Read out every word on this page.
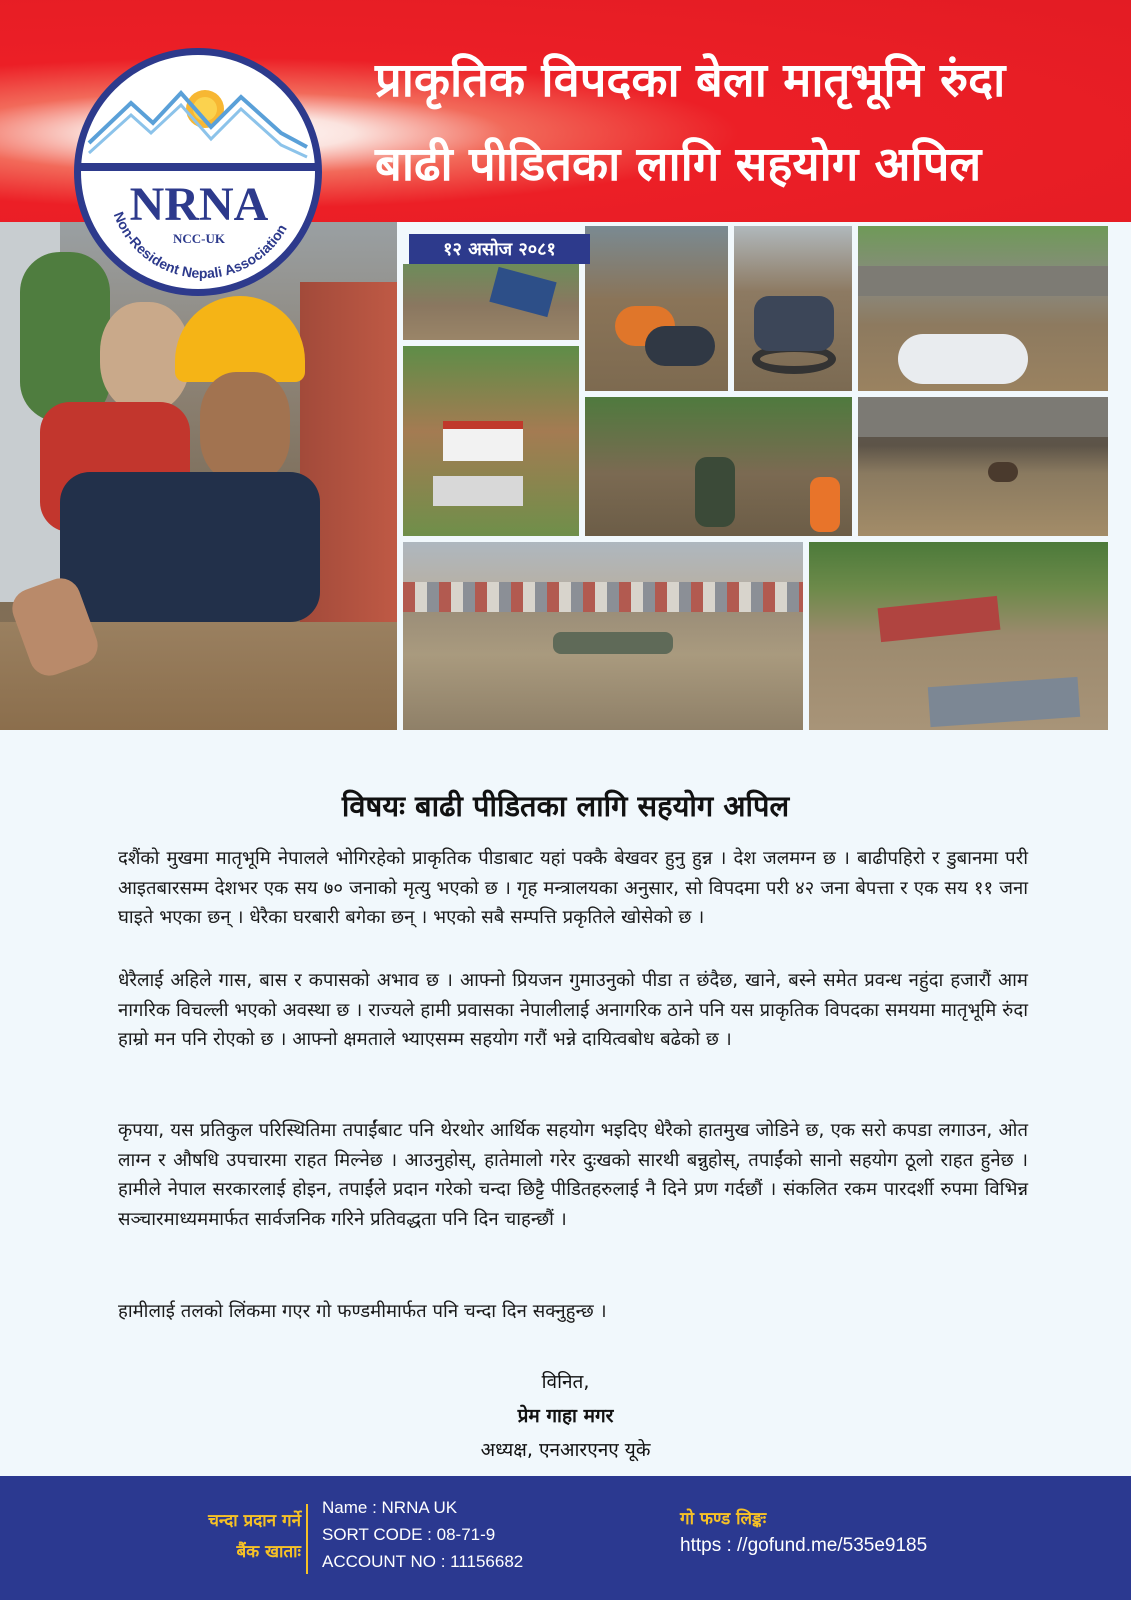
प्राकृतिक विपदका बेला मातृभूमि रुंदा
बाढी पीडितका लागि सहयोग अपिल
NRNA
NCC-UK
Non-Resident Nepali Association
१२ असोज २०८१
विषयः बाढी पीडितका लागि सहयोग अपिल

दशैंको मुखमा मातृभूमि नेपालले भोगिरहेको प्राकृतिक पीडाबाट यहां पक्कै बेखवर हुनु हुन्न । देश जलमग्न छ । बाढीपहिरो र डुबानमा परी आइतबारसम्म देशभर एक सय ७० जनाको मृत्यु भएको छ । गृह मन्त्रालयका अनुसार, सो विपदमा परी ४२ जना बेपत्ता र एक सय ११ जना घाइते भएका छन् । धेरैका घरबारी बगेका छन् । भएको सबै सम्पत्ति प्रकृतिले खोसेको छ ।

धेरैलाई अहिले गास, बास र कपासको अभाव छ । आफ्नो प्रियजन गुमाउनुको पीडा त छंदैछ, खाने, बस्ने समेत प्रवन्ध नहुंदा हजारौं आम नागरिक विचल्ली भएको अवस्था छ । राज्यले हामी प्रवासका नेपालीलाई अनागरिक ठाने पनि यस प्राकृतिक विपदका समयमा मातृभूमि रुंदा हाम्रो मन पनि रोएको छ । आफ्नो क्षमताले भ्याएसम्म सहयोग गरौं भन्ने दायित्वबोध बढेको छ ।

कृपया, यस प्रतिकुल परिस्थितिमा तपाईंबाट पनि थेरथोर आर्थिक सहयोग भइदिए धेरैको हातमुख जोडिने छ, एक सरो कपडा लगाउन, ओत लाग्न र औषधि उपचारमा राहत मिल्नेछ । आउनुहोस्, हातेमालो गरेर दुःखको सारथी बन्नुहोस्, तपाईंको सानो सहयोग ठूलो राहत हुनेछ । हामीले नेपाल सरकारलाई होइन, तपाईंले प्रदान गरेको चन्दा छिट्टै पीडितहरुलाई नै दिने प्रण गर्दछौं । संकलित रकम पारदर्शी रुपमा विभिन्न सञ्चारमाध्यममार्फत सार्वजनिक गरिने प्रतिवद्धता पनि दिन चाहन्छौं ।

हामीलाई तलको लिंकमा गएर गो फण्डमीमार्फत पनि चन्दा दिन सक्नुहुन्छ ।

विनित,
प्रेम गाहा मगर
अध्यक्ष, एनआरएनए यूके
चन्दा प्रदान गर्ने
बैंक खाताः
Name : NRNA UK
SORT CODE : 08-71-9
ACCOUNT NO : 11156682
गो फण्ड लिङ्कः
https : //gofund.me/535e9185
